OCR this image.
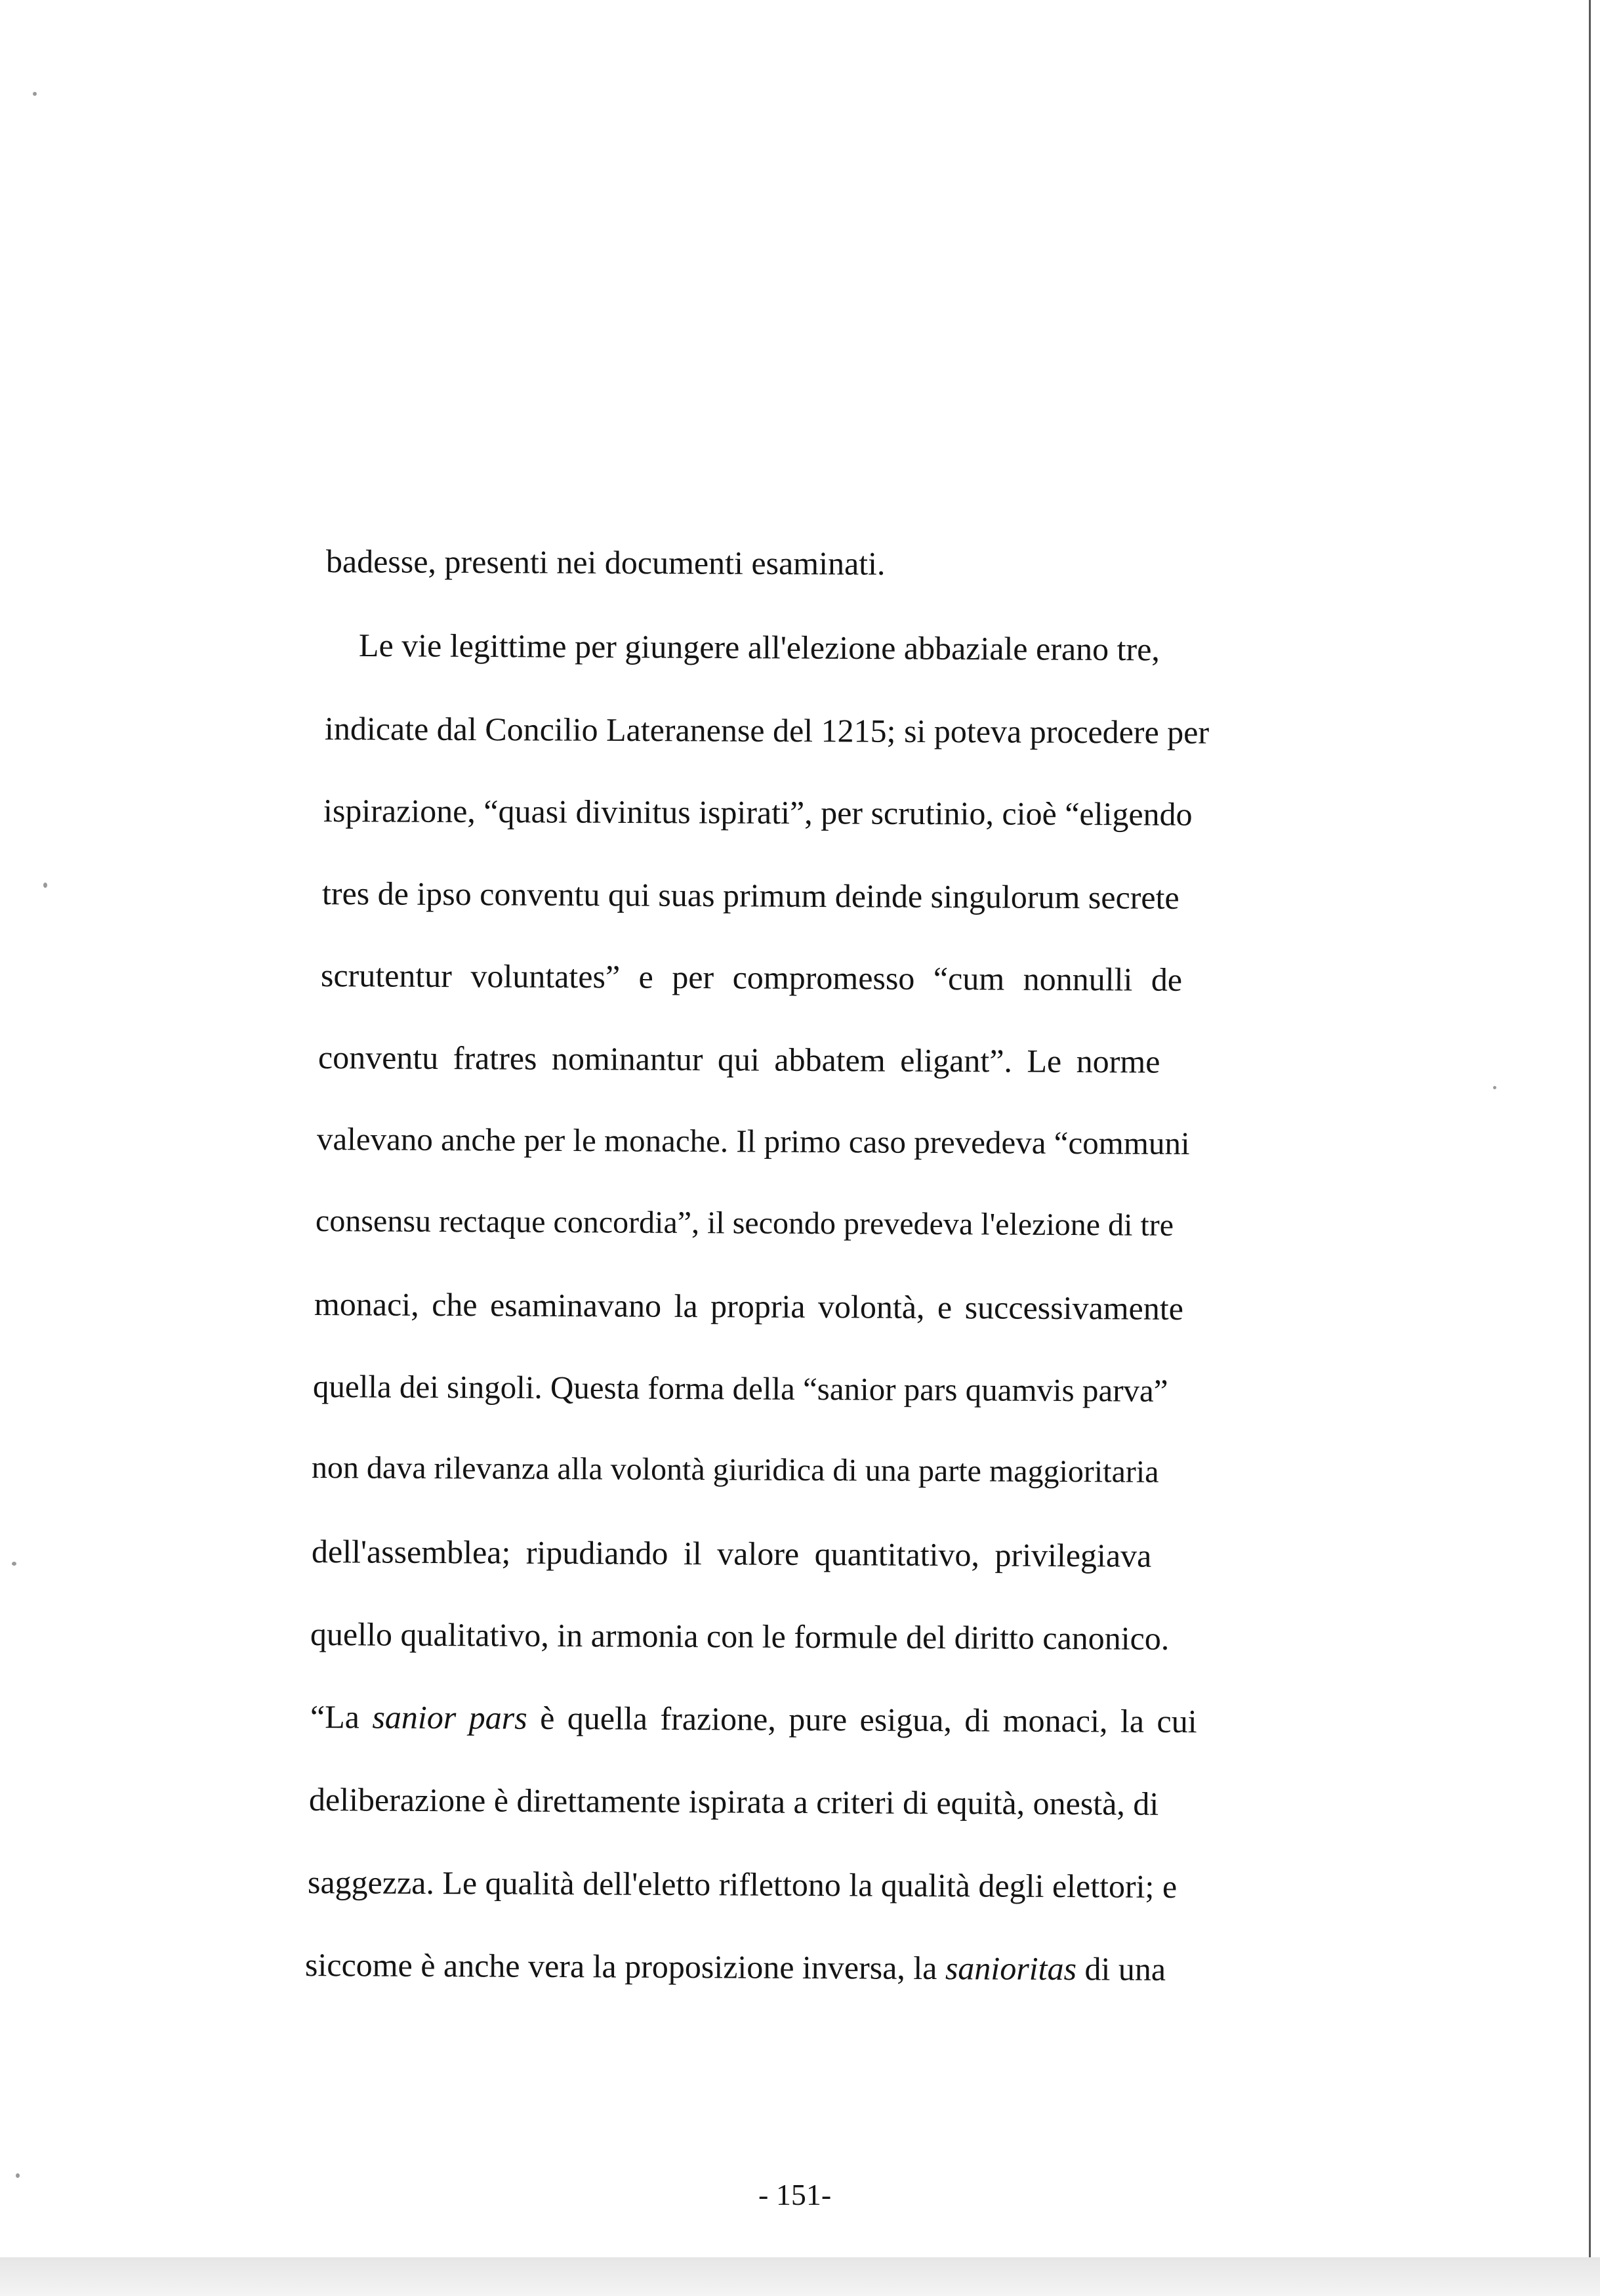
badesse, presenti nei documenti esaminati.
Le vie legittime per giungere all'elezione abbaziale erano tre,
indicate dal Concilio Lateranense del 1215; si poteva procedere per
ispirazione, “quasi divinitus ispirati”, per scrutinio, cioè “eligendo
tres de ipso conventu qui suas primum deinde singulorum secrete
scrutentur voluntates” e per compromesso “cum nonnulli de
conventu fratres nominantur qui abbatem eligant”. Le norme
valevano anche per le monache. Il primo caso prevedeva “communi
consensu rectaque concordia”, il secondo prevedeva l'elezione di tre
monaci, che esaminavano la propria volontà, e successivamente
quella dei singoli. Questa forma della “sanior pars quamvis parva”
non dava rilevanza alla volontà giuridica di una parte maggioritaria
dell'assemblea; ripudiando il valore quantitativo, privilegiava
quello qualitativo, in armonia con le formule del diritto canonico.
“La sanior pars è quella frazione, pure esigua, di monaci, la cui
deliberazione è direttamente ispirata a criteri di equità, onestà, di
saggezza. Le qualità dell'eletto riflettono la qualità degli elettori; e
siccome è anche vera la proposizione inversa, la sanioritas di una
- 151-
